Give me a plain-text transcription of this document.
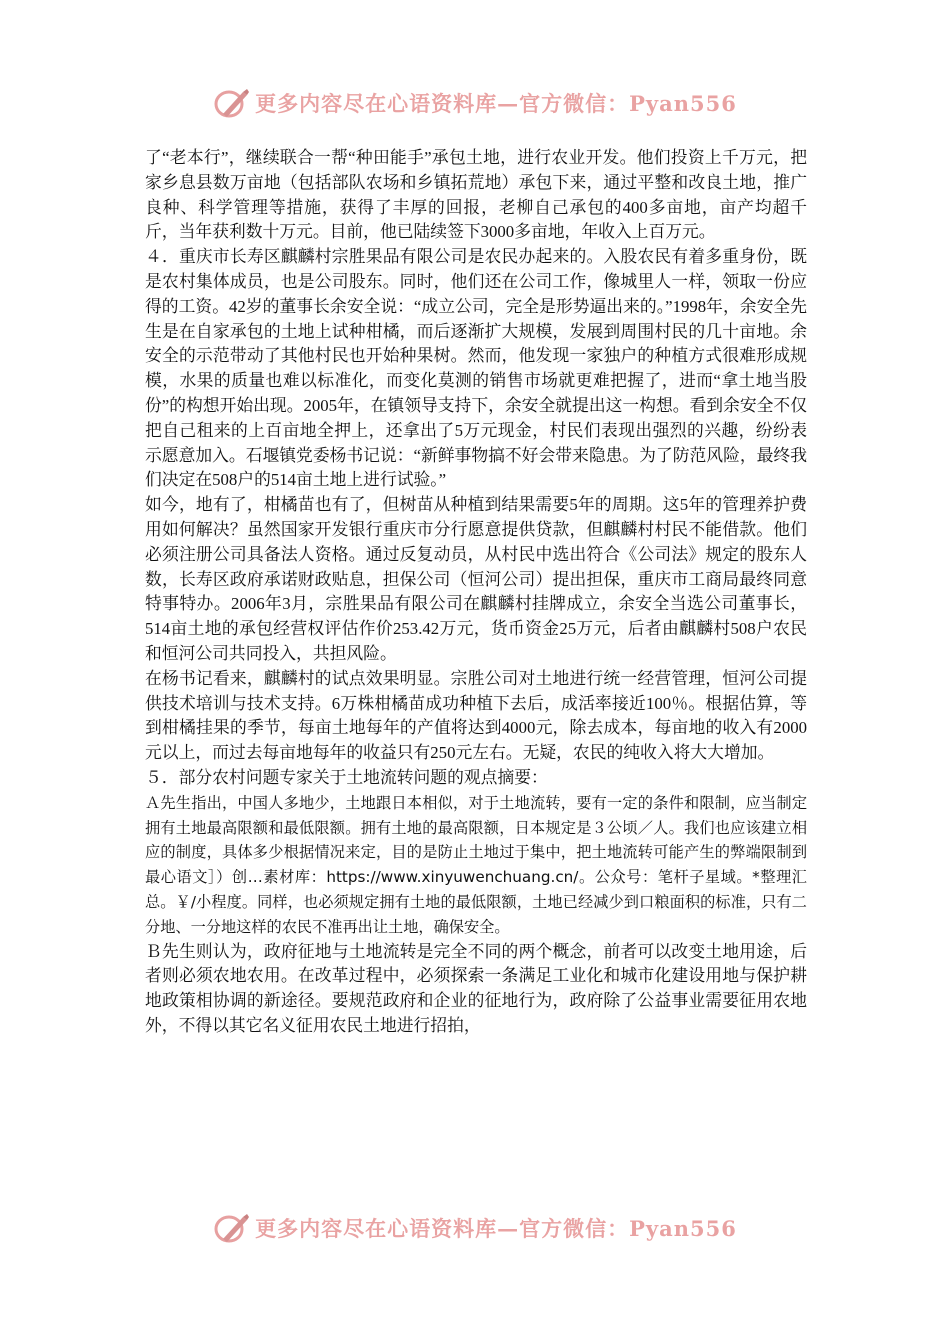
更多内容尽在心语资料库—官方微信：Pyan556

了“老本行”，继续联合一帮“种田能手”承包土地，进行农业开发。他们投资上千万元，把家乡息县数万亩地（包括部队农场和乡镇拓荒地）承包下来，通过平整和改良土地，推广良种、科学管理等措施，获得了丰厚的回报，老柳自己承包的400多亩地，亩产均超千斤，当年获利数十万元。目前，他已陆续签下3000多亩地，年收入上百万元。

４．重庆市长寿区麒麟村宗胜果品有限公司是农民办起来的。入股农民有着多重身份，既是农村集体成员，也是公司股东。同时，他们还在公司工作，像城里人一样，领取一份应得的工资。42岁的董事长余安全说：“成立公司，完全是形势逼出来的。”1998年，余安全先生是在自家承包的土地上试种柑橘，而后逐渐扩大规模，发展到周围村民的几十亩地。余安全的示范带动了其他村民也开始种果树。然而，他发现一家独户的种植方式很难形成规模，水果的质量也难以标准化，而变化莫测的销售市场就更难把握了，进而“拿土地当股份”的构想开始出现。2005年，在镇领导支持下，余安全就提出这一构想。看到余安全不仅把自己租来的上百亩地全押上，还拿出了5万元现金，村民们表现出强烈的兴趣，纷纷表示愿意加入。石堰镇党委杨书记说：“新鲜事物搞不好会带来隐患。为了防范风险，最终我们决定在508户的514亩土地上进行试验。”

如今，地有了，柑橘苗也有了，但树苗从种植到结果需要5年的周期。这5年的管理养护费用如何解决？虽然国家开发银行重庆市分行愿意提供贷款，但麒麟村村民不能借款。他们必须注册公司具备法人资格。通过反复动员，从村民中选出符合《公司法》规定的股东人数，长寿区政府承诺财政贴息，担保公司（恒河公司）提出担保，重庆市工商局最终同意特事特办。2006年3月，宗胜果品有限公司在麒麟村挂牌成立，余安全当选公司董事长，514亩土地的承包经营权评估作价253.42万元，货币资金25万元，后者由麒麟村508户农民和恒河公司共同投入，共担风险。

在杨书记看来，麒麟村的试点效果明显。宗胜公司对土地进行统一经营管理，恒河公司提供技术培训与技术支持。6万株柑橘苗成功种植下去后，成活率接近100％。根据估算，等到柑橘挂果的季节，每亩土地每年的产值将达到4000元，除去成本，每亩地的收入有2000元以上，而过去每亩地每年的收益只有250元左右。无疑，农民的纯收入将大大增加。

５．部分农村问题专家关于土地流转问题的观点摘要：

Ａ先生指出，中国人多地少，土地跟日本相似，对于土地流转，要有一定的条件和限制，应当制定拥有土地最高限额和最低限额。拥有土地的最高限额，日本规定是３公顷／人。我们也应该建立相应的制度，具体多少根据情况来定，目的是防止土地过于集中，把土地流转可能产生的弊端限制到最心语文］）创…素材库：https://www.xinyuwenchuang.cn/。公众号：笔杆子星域。*整理汇总。￥/小程度。同样，也必须规定拥有土地的最低限额，土地已经减少到口粮面积的标准，只有二分地、一分地这样的农民不准再出让土地，确保安全。

Ｂ先生则认为，政府征地与土地流转是完全不同的两个概念，前者可以改变土地用途，后者则必须农地农用。在改革过程中，必须探索一条满足工业化和城市化建设用地与保护耕地政策相协调的新途径。要规范政府和企业的征地行为，政府除了公益事业需要征用农地外，不得以其它名义征用农民土地进行招拍，

更多内容尽在心语资料库—官方微信：Pyan556
